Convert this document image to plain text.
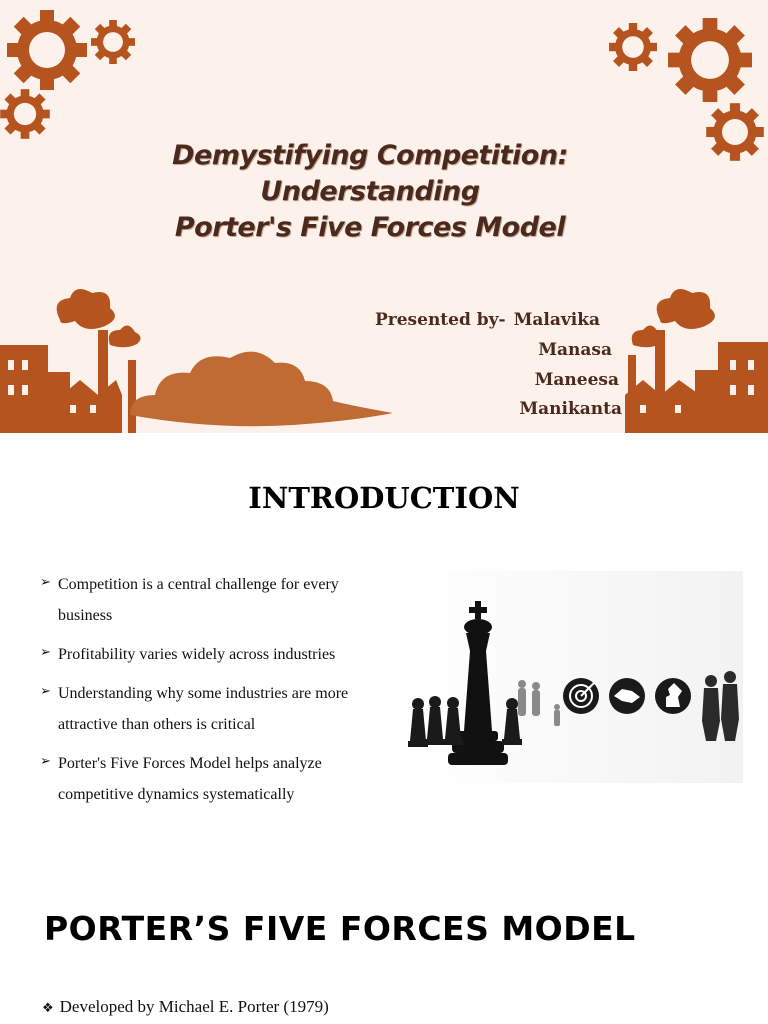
Demystifying Competition:
Understanding
Porter's Five Forces Model
Presented by- Malavika
Manasa
Maneesa
Manikanta
INTRODUCTION
➢ Competition is a central challenge for every business
➢ Profitability varies widely across industries
➢ Understanding why some industries are more attractive than others is critical
➢ Porter's Five Forces Model helps analyze competitive dynamics systematically
PORTER’S FIVE FORCES MODEL
❖ Developed by Michael E. Porter (1979)
